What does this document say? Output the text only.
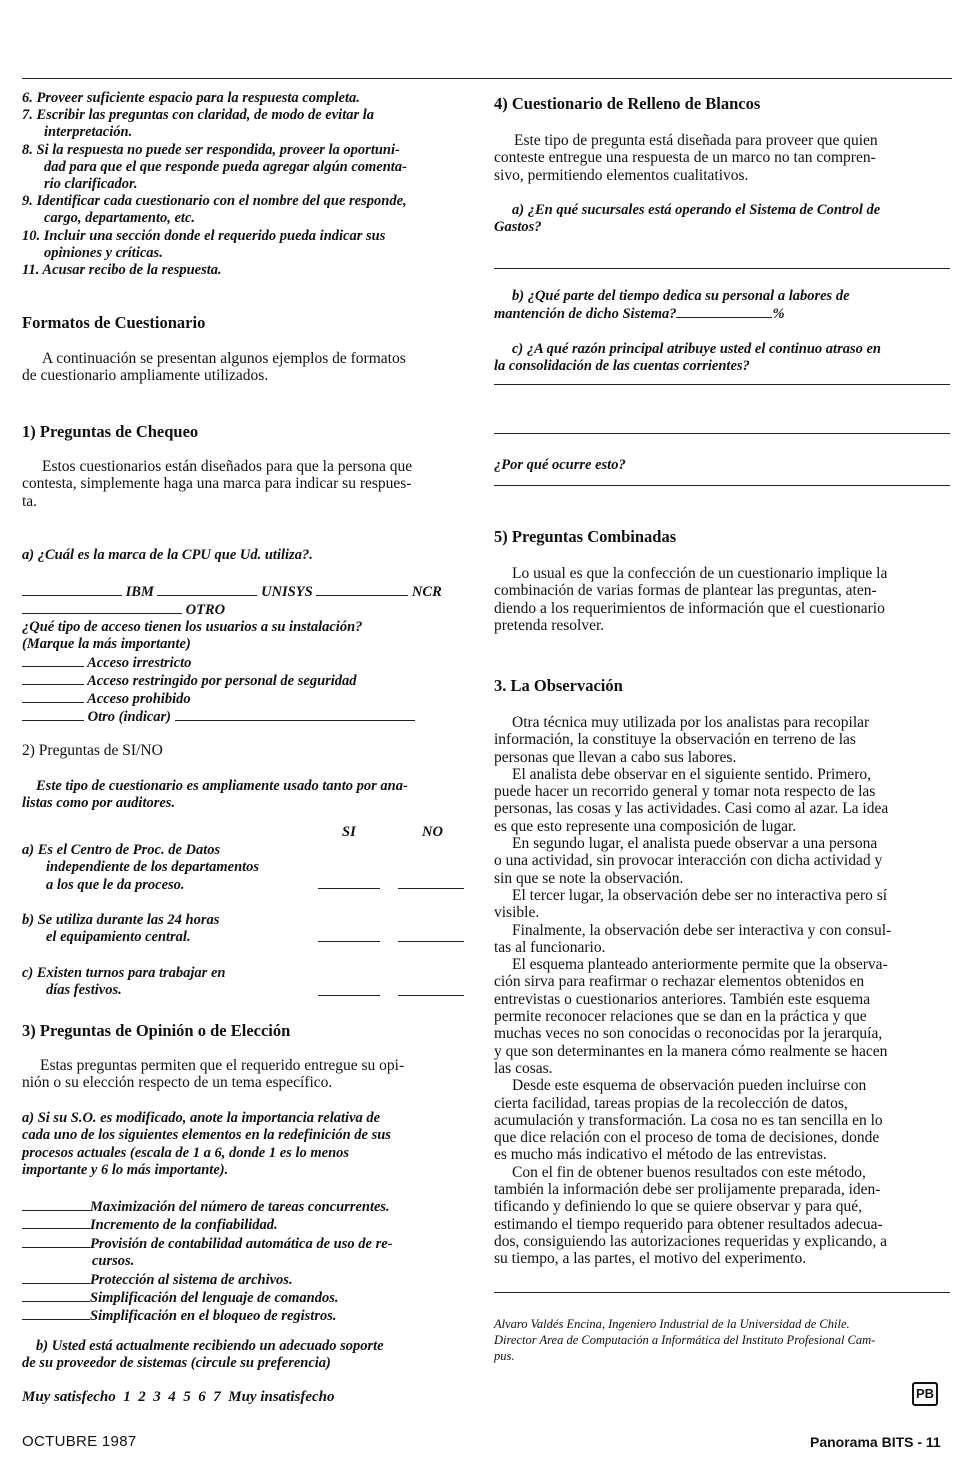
6. Proveer suficiente espacio para la respuesta completa.
7. Escribir las preguntas con claridad, de modo de evitar la
interpretación.
8. Si la respuesta no puede ser respondida, proveer la oportuni-
dad para que el que responde pueda agregar algún comenta-
rio clarificador.
9. Identificar cada cuestionario con el nombre del que responde,
cargo, departamento, etc.
10. Incluir una sección donde el requerido pueda indicar sus
opiniones y críticas.
11. Acusar recibo de la respuesta.
Formatos de Cuestionario
A continuación se presentan algunos ejemplos de formatos
de cuestionario ampliamente utilizados.
1) Preguntas de Chequeo
Estos cuestionarios están diseñados para que la persona que
contesta, simplemente haga una marca para indicar su respues-
ta.
a) ¿Cuál es la marca de la CPU que Ud. utiliza?.
IBM	UNISYS	NCR
OTRO
¿Qué tipo de acceso tienen los usuarios a su instalación?
(Marque la más importante)
Acceso irrestricto
Acceso restringido por personal de seguridad
Acceso prohibido
Otro (indicar)
2) Preguntas de SI/NO
Este tipo de cuestionario es ampliamente usado tanto por ana-
listas como por auditores.
SI	NO
a) Es el Centro de Proc. de Datos
independiente de los departamentos
a los que le da proceso.
b) Se utiliza durante las 24 horas
el equipamiento central.
c) Existen turnos para trabajar en
días festivos.
3) Preguntas de Opinión o de Elección
Estas preguntas permiten que el requerido entregue su opi-
nión o su elección respecto de un tema específico.
a) Si su S.O. es modificado, anote la importancia relativa de
cada uno de los siguientes elementos en la redefinición de sus
procesos actuales (escala de 1 a 6, donde 1 es lo menos
importante y 6 lo más importante).
Maximización del número de tareas concurrentes.
Incremento de la confiabilidad.
Provisión de contabilidad automática de uso de re-
cursos.
Protección al sistema de archivos.
Simplificación del lenguaje de comandos.
Simplificación en el bloqueo de registros.
b) Usted está actualmente recibiendo un adecuado soporte
de su proveedor de sistemas (circule su preferencia)
Muy satisfecho  1  2  3  4  5  6  7  Muy insatisfecho
4) Cuestionario de Relleno de Blancos
Este tipo de pregunta está diseñada para proveer que quien
conteste entregue una respuesta de un marco no tan compren-
sivo, permitiendo elementos cualitativos.
a) ¿En qué sucursales está operando el Sistema de Control de
Gastos?
b) ¿Qué parte del tiempo dedica su personal a labores de
mantención de dicho Sistema?	%
c) ¿A qué razón principal atribuye usted el continuo atraso en
la consolidación de las cuentas corrientes?
¿Por qué ocurre esto?
5) Preguntas Combinadas
Lo usual es que la confección de un cuestionario implique la
combinación de varias formas de plantear las preguntas, aten-
diendo a los requerimientos de información que el cuestionario
pretenda resolver.
3. La Observación
Otra técnica muy utilizada por los analistas para recopilar
información, la constituye la observación en terreno de las
personas que llevan a cabo sus labores.
El analista debe observar en el siguiente sentido. Primero,
puede hacer un recorrido general y tomar nota respecto de las
personas, las cosas y las actividades. Casi como al azar. La idea
es que esto represente una composición de lugar.
En segundo lugar, el analista puede observar a una persona
o una actividad, sin provocar interacción con dicha actividad y
sin que se note la observación.
El tercer lugar, la observación debe ser no interactiva pero sí
visible.
Finalmente, la observación debe ser interactiva y con consul-
tas al funcionario.
El esquema planteado anteriormente permite que la observa-
ción sirva para reafirmar o rechazar elementos obtenidos en
entrevistas o cuestionarios anteriores. También este esquema
permite reconocer relaciones que se dan en la práctica y que
muchas veces no son conocidas o reconocidas por la jerarquía,
y que son determinantes en la manera cómo realmente se hacen
las cosas.
Desde este esquema de observación pueden incluirse con
cierta facilidad, tareas propias de la recolección de datos,
acumulación y transformación. La cosa no es tan sencilla en lo
que dice relación con el proceso de toma de decisiones, donde
es mucho más indicativo el método de las entrevistas.
Con el fin de obtener buenos resultados con este método,
también la información debe ser prolijamente preparada, iden-
tificando y definiendo lo que se quiere observar y para qué,
estimando el tiempo requerido para obtener resultados adecua-
dos, consiguiendo las autorizaciones requeridas y explicando, a
su tiempo, a las partes, el motivo del experimento.
Alvaro Valdés Encina, Ingeniero Industrial de la Universidad de Chile.
Director Area de Computación a Informática del Instituto Profesional Cam-
pus.
PB
OCTUBRE 1987	Panorama BITS - 11
